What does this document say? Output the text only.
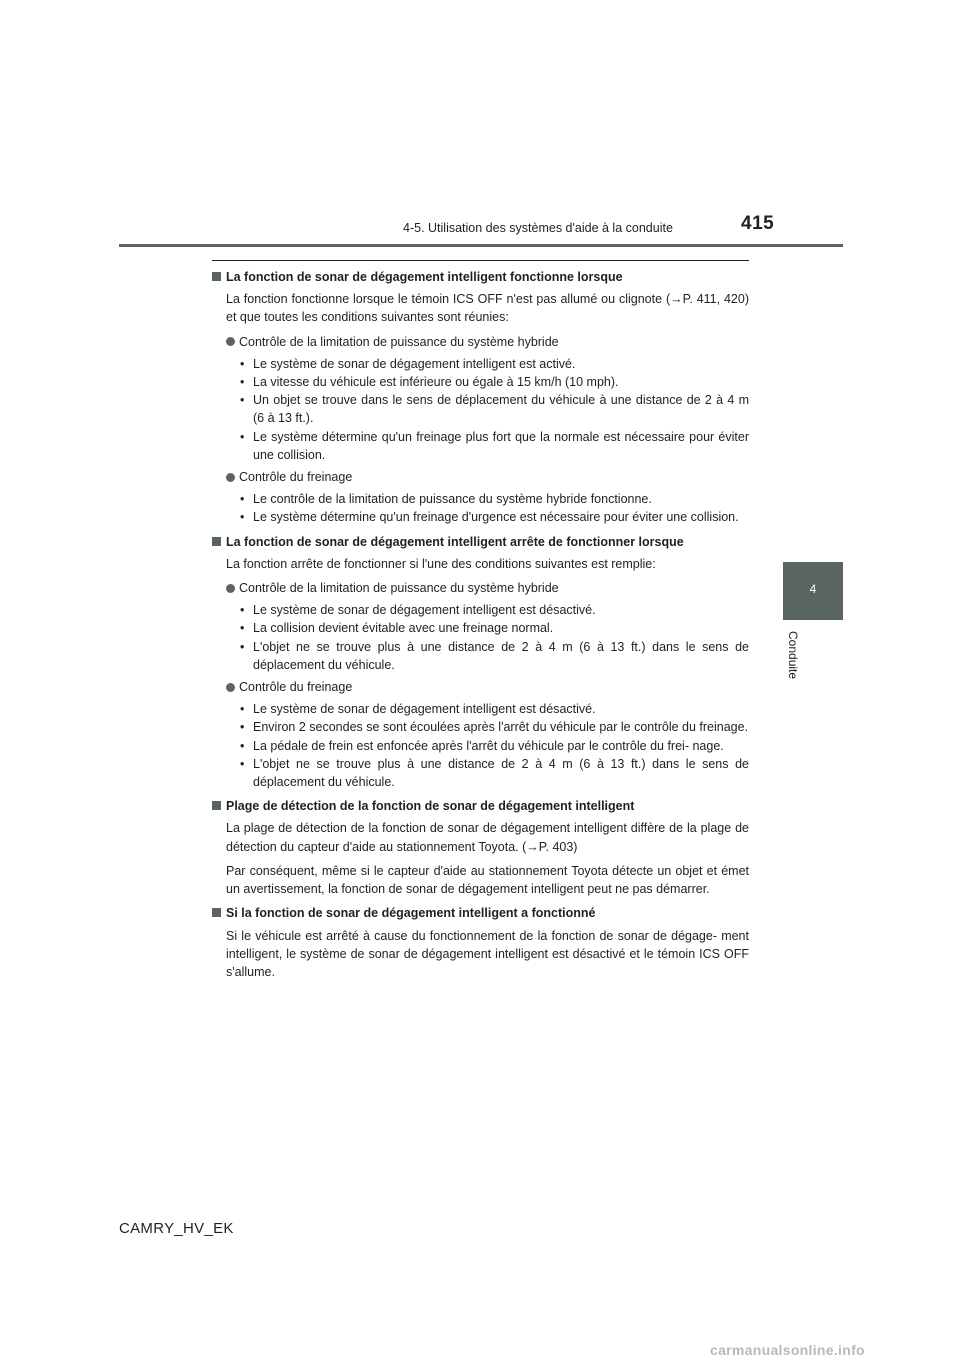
4-5. Utilisation des systèmes d'aide à la conduite	415
4
Conduite
La fonction de sonar de dégagement intelligent fonctionne lorsque
La fonction fonctionne lorsque le témoin ICS OFF n'est pas allumé ou clignote (→P. 411, 420) et que toutes les conditions suivantes sont réunies:
Contrôle de la limitation de puissance du système hybride
• Le système de sonar de dégagement intelligent est activé.
• La vitesse du véhicule est inférieure ou égale à 15 km/h (10 mph).
• Un objet se trouve dans le sens de déplacement du véhicule à une distance de 2 à 4 m (6 à 13 ft.).
• Le système détermine qu'un freinage plus fort que la normale est nécessaire pour éviter une collision.
Contrôle du freinage
• Le contrôle de la limitation de puissance du système hybride fonctionne.
• Le système détermine qu'un freinage d'urgence est nécessaire pour éviter une collision.
La fonction de sonar de dégagement intelligent arrête de fonctionner lorsque
La fonction arrête de fonctionner si l'une des conditions suivantes est remplie:
Contrôle de la limitation de puissance du système hybride
• Le système de sonar de dégagement intelligent est désactivé.
• La collision devient évitable avec une freinage normal.
• L'objet ne se trouve plus à une distance de 2 à 4 m (6 à 13 ft.) dans le sens de déplacement du véhicule.
Contrôle du freinage
• Le système de sonar de dégagement intelligent est désactivé.
• Environ 2 secondes se sont écoulées après l'arrêt du véhicule par le contrôle du freinage.
• La pédale de frein est enfoncée après l'arrêt du véhicule par le contrôle du frei- nage.
• L'objet ne se trouve plus à une distance de 2 à 4 m (6 à 13 ft.) dans le sens de déplacement du véhicule.
Plage de détection de la fonction de sonar de dégagement intelligent
La plage de détection de la fonction de sonar de dégagement intelligent diffère de la plage de détection du capteur d'aide au stationnement Toyota. (→P. 403)
Par conséquent, même si le capteur d'aide au stationnement Toyota détecte un objet et émet un avertissement, la fonction de sonar de dégagement intelligent peut ne pas démarrer.
Si la fonction de sonar de dégagement intelligent a fonctionné
Si le véhicule est arrêté à cause du fonctionnement de la fonction de sonar de dégage- ment intelligent, le système de sonar de dégagement intelligent est désactivé et le témoin ICS OFF s'allume.
CAMRY_HV_EK
carmanualsonline.info
